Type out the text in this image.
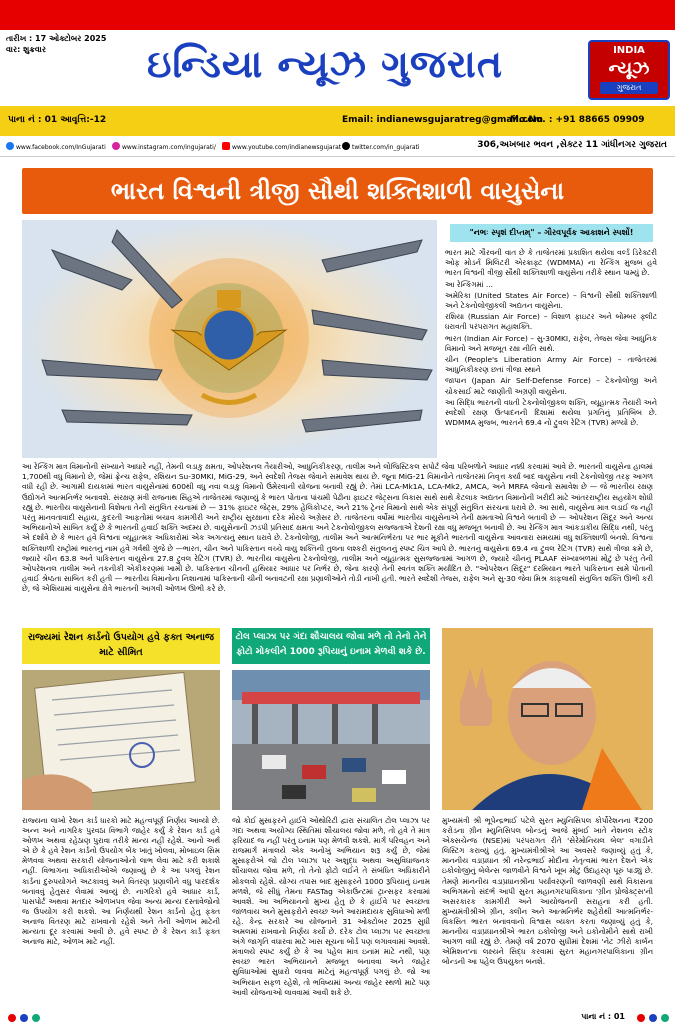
તારીખ : 17 ઓક્ટોબર 2025
વાર: શુક્રવાર	ઇન્ડિયા ન્યૂઝ ગુજરાત	INDIA
ન્યૂઝ
ગુજરાત
પાના નં : 01 આવૃત્તિ:-12	Email: indianewsgujaratreg@gmail.com
Mo.No. : +91 88665 09909
www.facebook.com/InGujarati	www.instagram.com/ingujarati/	www.youtube.com/indianewsgujarat	twitter.com/in_gujarati	306,અખબાર ભવન ,સેક્ટર 11 ગાંધીનગર ગુજરાત
ભારત વિશ્વની ત્રીજી સૌથી શક્તિશાળી વાયુસેના
"નભઃ સ્પૃશં દીપ્તમ્" – ગૌરવપૂર્વક આકાશને સ્પર્શો!

ભારત માટે ગૌરવની વાત છે કે તાજેતરમાં પ્રકાશિત થયેલા વર્લ્ડ ડિરેક્ટરી ઓફ મોડર્ન મિલિટરી એરક્રાફ્ટ (WDMMA) ના રેન્કિંગ મુજબ હવે ભારત વિશ્વની ત્રીજી સૌથી શક્તિશાળી વાયુસેના તરીકે સ્થાન પામ્યું છે.

આ રેન્કિંગમાં ...

અમેરિકા (United States Air Force) – વિશ્વની સૌથી શક્તિશાળી અને ટેકનોલોજીકલી અદ્યતન વાયુસેના.

રશિયા (Russian Air Force) – વિશાળ ફાઇટર અને બોમ્બર ફ્લીટ ધરાવતી પરંપરાગત મહાશક્તિ.

ભારત (Indian Air Force) – સુ-30MKI, રાફેલ, તેજસ જેવા આધુનિક વિમાનો અને મજબૂત રક્ષા નીતિ સાથે.

ચીન (People's Liberation Army Air Force) – તાજેતરમાં આધુનિકીકરણ છતાં ત્રીજા સ્થાને

જાપાન (Japan Air Self-Defense Force) – ટેકનોલોજી અને ચોકસાઈ માટે જાણીતી અગ્રણી વાયુસેના.

આ સિદ્ધિ ભારતની વધતી ટેકનોલોજીકલ શક્તિ, વ્યૂહાત્મક તૈયારી અને સ્વદેશી રક્ષણ ઉત્પાદનની દિશામાં થયેલા પ્રગતિનું પ્રતિબિંબ છે. WDMMA મુજબ, ભારતને 69.4 નો ટ્રુવલ રેટિંગ (TVR) મળ્યો છે.

આ રેન્કિંગ માત્ર વિમાનોની સંખ્યાને આધારે નહીં, તેમની લડાકુ ક્ષમતા, ઓપરેશનલ તૈયારીઓ, આધુનિકીકરણ, તાલીમ અને લોજિસ્ટિકલ સપોર્ટ જેવા પરિબળોને આધાર નક્કી કરવામાં આવે છે. ભારતની વાયુસેના હાલમાં 1,700થી વધુ વિમાનો છે, જેમાં ફ્રેન્ચ રાફેલ, રશિયન Su-30MKI, MiG-29, અને સ્વદેશી તેજસ જેવાને સમાવેશ થાય છે. જૂના MiG-21 વિમાનોને તાજેતરમાં નિવૃત્ત કર્યા બાદ વાયુસેના નવી ટેકનોલોજી તરફ આગળ વધી રહી છે. આગામી દાયકામાં ભારત વાયુસેનામાં 600થી વધુ નવા લડાકુ વિમાનો ઉમેરવાની યોજના બનાવી રહ્યું છે. તેમાં LCA-Mk1A, LCA-Mk2, AMCA, અને MRFA જેવાનો સમાવેશ છે — જે ભારતીય રક્ષણ ઉદ્યોગને આત્મનિર્ભર બનાવશે. સંરક્ષણ મંત્રી રાજનાથ સિંહએ તાજેતરમાં જણાવ્યું કે ભારત પોતાના પાંચમી પેઢીના ફાઇટર જેટ્સના વિકાસ સાથે સાથે કેટલાક અદ્યતન વિમાનોની ખરીદી માટે આંતરરાષ્ટ્રીય સહયોગ શોધી રહ્યું છે. ભારતીય વાયુસેનાની વિશેષતા તેની સંતુલિત રચનામાં છે — 31% ફાઇટર જેટ્સ, 29% હેલિકોપ્ટર, અને 21% ટ્રેનર વિમાનો સાથે એક સંપૂર્ણ સંતુલિત સંરચના ધરાવે છે. આ સાથે, વાયુસેના માત્ર લડાઈ જ નહીં પરંતુ માનવતાવાદી સહાય, કુદરતી આફતોમાં બચાવ કામગીરી અને રાષ્ટ્રીય સુરક્ષાના દરેક મોરચે અગ્રેસર છે. તાજેતરના વર્ષોમાં ભારતીય વાયુસેનાએ તેની ક્ષમતાઓ વિશ્વને બતાવી છે — ઓપરેશન સિંદૂર અને અન્ય અભિયાનોએ સાબિત કર્યું છે કે ભારતની હવાઈ શક્તિ અદમ્ય છે. વાયુસેનાની ઝડપી પ્રતિસાદ ક્ષમતા અને ટેકનોલોજીકલ સજ્જતાએ દેશની રક્ષા વધુ મજબૂત બનાવી છે. આ રેન્કિંગ માત્ર આંકડાકીય સિદ્ધિ નથી, પરંતુ એ દર્શાવે છે કે ભારત હવે વિશ્વના વ્યૂહાત્મક અધિકારોમાં એક અગત્યનું સ્થાન ધરાવે છે. ટેકનોલોજી, તાલીમ અને આત્મનિર્ભરતા પર ભાર મૂકીને ભારતની વાયુસેના આવનારા સમયમાં વધુ શક્તિશાળી બનશે. વિશ્વના શક્તિશાળી રાષ્ટ્રોમાં ભારતનું નામ હવે ગર્વથી ગુંજે છે —ભારત, ચીન અને પાકિસ્તાન વચ્ચે વાયુ શક્તિની તુલના લશ્કરી સંતુલનનું સ્પષ્ટ ચિત્ર આપે છે. ભારતનું વાયુસેના 69.4 ના ટ્રુવલ રેટિંગ (TVR) સાથે ત્રીજા ક્રમે છે, જ્યારે ચીન 63.8 અને પાકિસ્તાન વાયુસેના 27.8 ટ્રુવલ રેટિંગ (TVR) છે. ભારતીય વાયુસેના ટેકનોલોજી, તાલીમ અને વ્યૂહાત્મક સુસજ્જતામાં આગળ છે, જ્યારે ચીનનું PLAAF સંખ્યાબળમાં મોટું છે પરંતુ તેની ઓપરેશનલ તાલીમ અને તકનીકી એકીકરણમાં ખામી છે. પાકિસ્તાન ચીનની હથિયાર આધાર પર નિર્ભર છે, જેના કારણે તેની સ્વતંત્ર શક્તિ મર્યાદિત છે. "ઓપરેશન સિંદૂર" દરમિયાન ભારતે પાકિસ્તાન સામે પોતાની હવાઈ શ્રેષ્ઠતા સાબિત કરી હતી — ભારતીય વિમાનોના નિશાનામાં પાકિસ્તાની ચીની બનાવટની રક્ષા પ્રણાલીઓને તોડી નાખી હતી. ભારતે સ્વદેશી તેજસ, રાફેલ અને સુ-30 જેવા મિશ્ર કાફલાથી સંતુલિત શક્તિ ઊભી કરી છે, જે એશિયામાં વાયુસેના ક્ષેત્રે ભારતની આગવી ઓળખ ઊભી કરે છે.

રાજ્યમાં રેશન કાર્ડનો ઉપયોગ હવે ફક્ત અનાજ માટે સીમિત
ટોલ પ્લાઝા પર ગંદા શૌચાલય જોવા મળે તો તેનો તેને ફોટો મોકલીને 1000 રૂપિયાનું ઇનામ મેળવી શકે છે.

રાજ્યના લાખો રેશન કાર્ડ ધારકો માટે મહત્વપૂર્ણ નિર્ણય આવ્યો છે. અન્ન અને નાગરિક પુરવઠા વિભાગે જાહેર કર્યું કે રેશન કાર્ડ હવે ઓળખ અથવા રહેઠાણ પુરાવા તરીકે માન્ય નહીં રહેશે. આનો અર્થ એ છે કે હવે રેશન કાર્ડનો ઉપયોગ બેંક ખાતું ખોલવા, મોબાઇલ સિમ મેળવવા અથવા સરકારી યોજનાઓનો લાભ લેવા માટે કરી શકાશે નહીં. વિભાગના અધિકારીઓએ જણાવ્યું છે કે આ પગલું રેશન કાર્ડના દુરુપયોગને અટકાવવું અને વિતરણ પ્રણાલીને વધુ પારદર્શક બનાવવું હેતુસર લેવામાં આવ્યું છે. નાગરિકો હવે આધાર કાર્ડ, પાસપોર્ટ અથવા મતદાર ઓળખપત્ર જેવા અન્ય માન્ય દસ્તાવેજોનો જ ઉપયોગ કરી શકશે. આ નિર્ણયથી રેશન કાર્ડનો હેતુ ફક્ત અનાજ વિતરણ માટે રાખવાનો રહેશે અને તેની ઓળખ માટેની માન્યતા દૂર કરવામાં આવી છે. હવે સ્પષ્ટ છે કે રેશન કાર્ડ ફક્ત અનાજ માટે, ઓળખ માટે નહીં.

જો કોઈ મુસાફરને હાઈવે ઓથોરિટી દ્વારા સંચાલિત ટોલ પ્લાઝા પર ગંદા અથવા અયોગ્ય સ્થિતિમાં શૌચાલય જોવા મળે, તો હવે તે માત્ર ફરિયાદ જ નહીં પરંતુ ઇનામ પણ મેળવી શકશે. માર્ગ પરિવહન અને રાજમાર્ગ મંત્રાલયે એક અનોખું અભિયાન શરૂ કર્યું છે, જેમાં મુસાફરોએ જો ટોલ પ્લાઝા પર અશુદ્ધ અથવા અસુવિધાજનક શૌચાલય જોવા મળે, તો તેનો ફોટો લઈને તે સંબંધિત અધિકારીને મોકલવો રહેશે. યોગ્ય તપાસ બાદ મુસાફરને 1000 રૂપિયાનું ઇનામ મળશે, જે સીધું તેમના FASTag એકાઉન્ટમાં ટ્રાન્સફર કરવામાં આવશે. આ અભિયાનનો મુખ્ય હેતુ છે કે હાઈવે પર સ્વચ્છતા જાળવાય અને મુસાફરોને સ્વચ્છ અને આરામદાયક સુવિધાઓ મળી રહે. કેન્દ્ર સરકારે આ યોજનાને 31 ઓક્ટોબર 2025 સુધી અમલમાં રાખવાનો નિર્ણય કર્યો છે. દરેક ટોલ પ્લાઝા પર સ્વચ્છતા અંગે જાગૃતિ વધારવા માટે ખાસ સૂચના બોર્ડ પણ લગાવવામાં આવશે. મંત્રાલયે સ્પષ્ટ કર્યું છે કે આ પહેલ માત્ર ઇનામ માટે નથી, પણ સ્વચ્છ ભારત અભિયાનને મજબૂત બનાવવા અને જાહેર સુવિધાઓમાં સુધારો લાવવા માટેનું મહત્વપૂર્ણ પગલું છે. જો આ અભિયાન સફળ રહેશે, તો ભવિષ્યમાં અન્ય જાહેર સ્થળો માટે પણ આવી યોજનાઓ લાવવામાં આવી શકે છે.

મુખ્યમંત્રી શ્રી ભૂપેન્દ્રભાઈ પટેલે સુરત મ્યુનિસિપલ કોર્પોરેશનના ₹200 કરોડના ગ્રીન મ્યુનિસિપલ બોન્ડનું આજે મુંબઈ ખાતે નેશનલ સ્ટોક એક્સચેન્જ (NSE)માં પરંપરાગત રીતે 'સેરેમોનિયલ બેલ' વગાડીને લિસ્ટિંગ કરાવ્યું હતું. મુખ્યમંત્રીશ્રીએ આ અવસરે જણાવ્યું હતું કે, માનનીય વડાપ્રધાન શ્રી નરેન્દ્રભાઈ મોદીના નેતૃત્વમાં ભારત દેશને એક ઇકોલોજીનું બેલેન્સ જાળવીને વિશ્વને ખૂબ મોટું ઉદાહરણ પૂરું પાડ્યું છે. તેમણે માનનીય વડાપ્રધાનશ્રીના પર્યાવરણની જાળવણી સાથે વિકાસના અભિગમનો સંદર્ભ આપી સુરત મહાનગરપાલિકાના 'ગ્રીન પ્રોજેક્ટ્સ'ની અસરકારક કામગીરી અને આયોજનની સરાહના કરી હતી. મુખ્યમંત્રીશ્રીએ ગ્રીન, ક્લીન અને આત્મનિર્ભર શહેરોથી આત્મનિર્ભર-વિકસિત ભારત બનાવવાનો વિશ્વાસ વ્યક્ત કરતા જણાવ્યું હતું કે, માનનીય વડાપ્રધાનશ્રીએ ભારત ઇકોલોજી અને ઇકોનોમીને સાથે રાખી આગળ વધી રહ્યું છે. તેમણે વર્ષ 2070 સુધીમાં દેશમાં 'નેટ ઝીરો કાર્બન એમિશન'ના લક્ષ્યને સિદ્ધ કરવામાં સુરત મહાનગરપાલિકાના ગ્રીન બોન્ડની આ પહેલ ઉપયુક્ત બનશે.

પાના નં : 01
